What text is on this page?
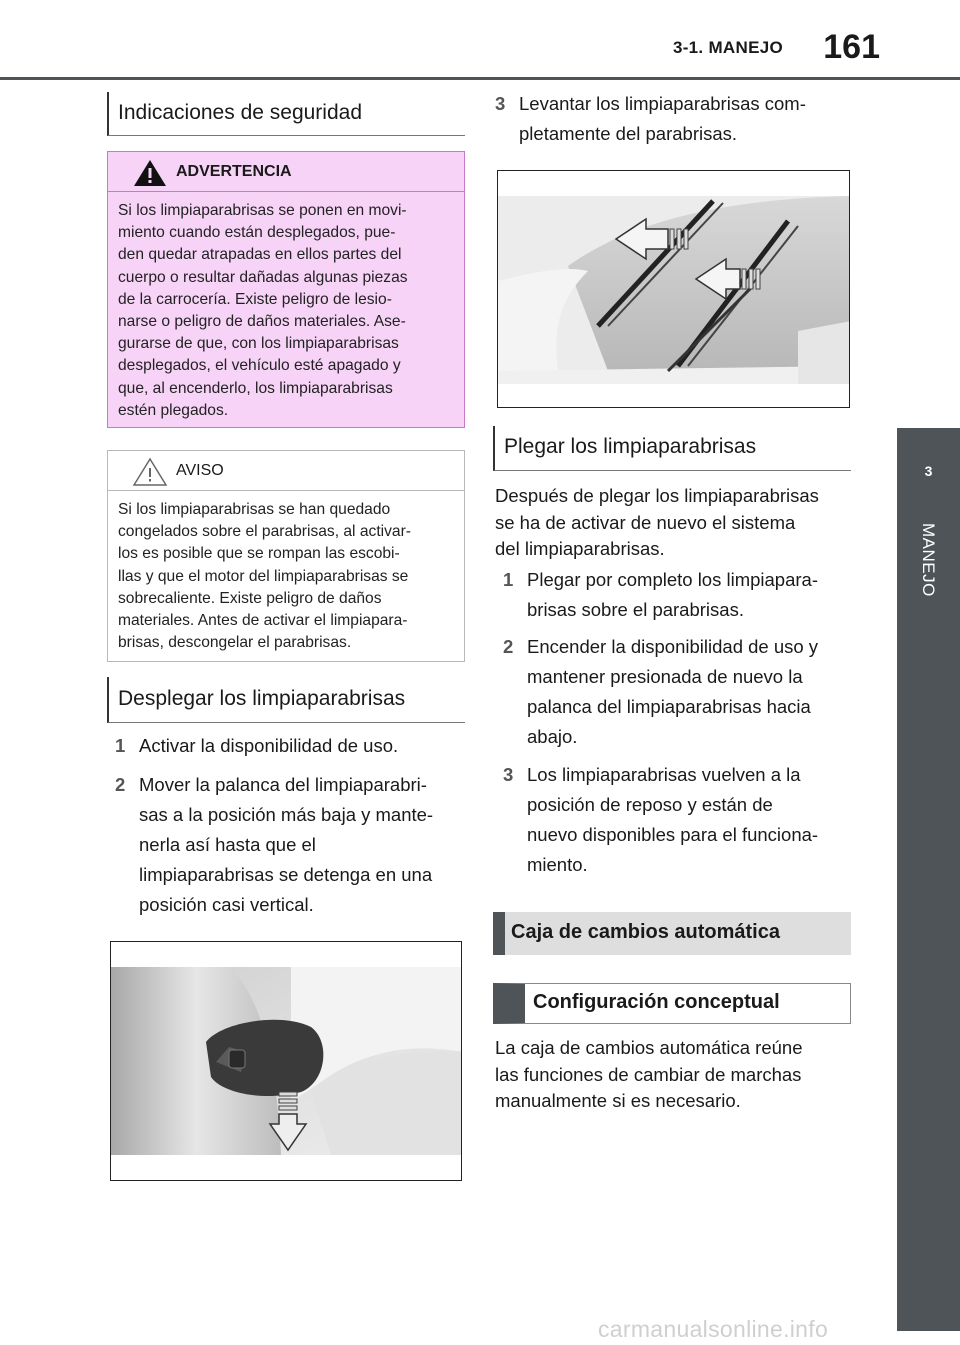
3-1. MANEJO 161
3
MANEJO
Indicaciones de seguridad
ADVERTENCIA
Si los limpiaparabrisas se ponen en movi-
miento cuando están desplegados, pue-
den quedar atrapadas en ellos partes del
cuerpo o resultar dañadas algunas piezas
de la carrocería. Existe peligro de lesio-
narse o peligro de daños materiales. Ase-
gurarse de que, con los limpiaparabrisas
desplegados, el vehículo esté apagado y
que, al encenderlo, los limpiaparabrisas
estén plegados.
AVISO
Si los limpiaparabrisas se han quedado
congelados sobre el parabrisas, al activar-
los es posible que se rompan las escobi-
llas y que el motor del limpiaparabrisas se
sobrecaliente. Existe peligro de daños
materiales. Antes de activar el limpiapara-
brisas, descongelar el parabrisas.
Desplegar los limpiaparabrisas
1 Activar la disponibilidad de uso.
2 Mover la palanca del limpiaparabri-
sas a la posición más baja y mante-
nerla así hasta que el
limpiaparabrisas se detenga en una
posición casi vertical.
3 Levantar los limpiaparabrisas com-
pletamente del parabrisas.
Plegar los limpiaparabrisas
Después de plegar los limpiaparabrisas
se ha de activar de nuevo el sistema
del limpiaparabrisas.
1 Plegar por completo los limpiapara-
brisas sobre el parabrisas.
2 Encender la disponibilidad de uso y
mantener presionada de nuevo la
palanca del limpiaparabrisas hacia
abajo.
3 Los limpiaparabrisas vuelven a la
posición de reposo y están de
nuevo disponibles para el funciona-
miento.
Caja de cambios automática
Configuración conceptual
La caja de cambios automática reúne
las funciones de cambiar de marchas
manualmente si es necesario.
carmanualsonline.info
